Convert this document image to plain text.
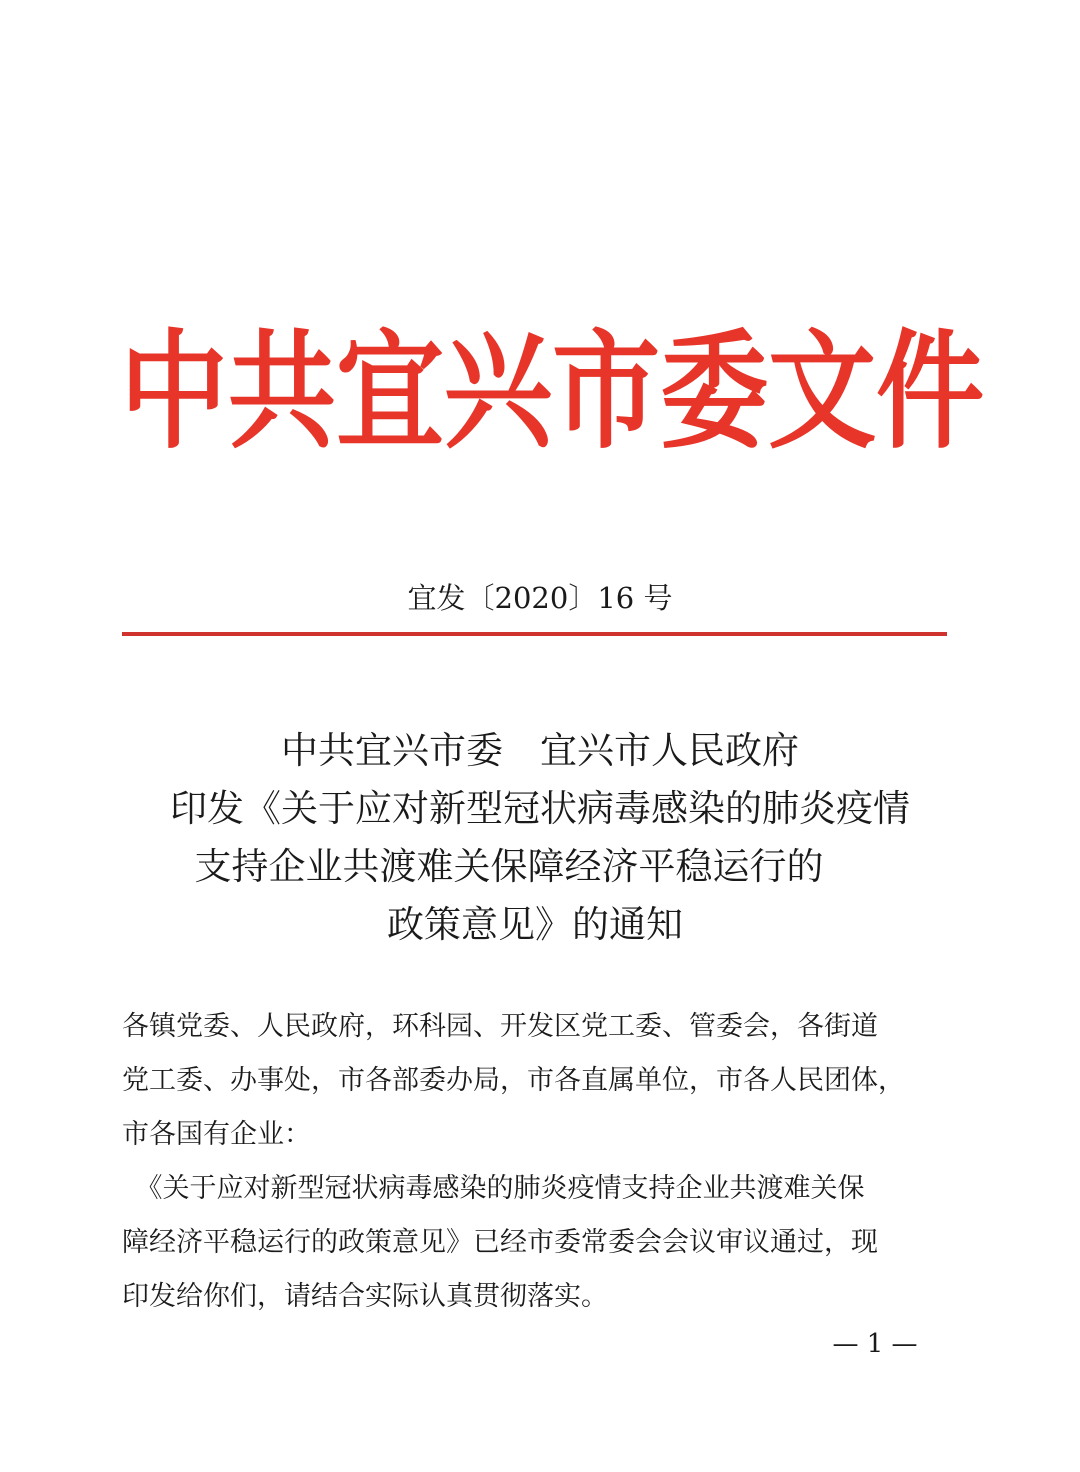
中 共 宜 兴 市 委 文 件
宜发〔2020〕16 号
中共宜兴市委　宜兴市人民政府
印发《关于应对新型冠状病毒感染的肺炎疫情
支持企业共渡难关保障经济平稳运行的
政策意见》的通知
各镇党委、人民政府，环科园、开发区党工委、管委会，各街道
党工委、办事处，市各部委办局，市各直属单位，市各人民团体，
市各国有企业：
　《关于应对新型冠状病毒感染的肺炎疫情支持企业共渡难关保
障经济平稳运行的政策意见》已经市委常委会会议审议通过，现
印发给你们，请结合实际认真贯彻落实。
— 1 —
